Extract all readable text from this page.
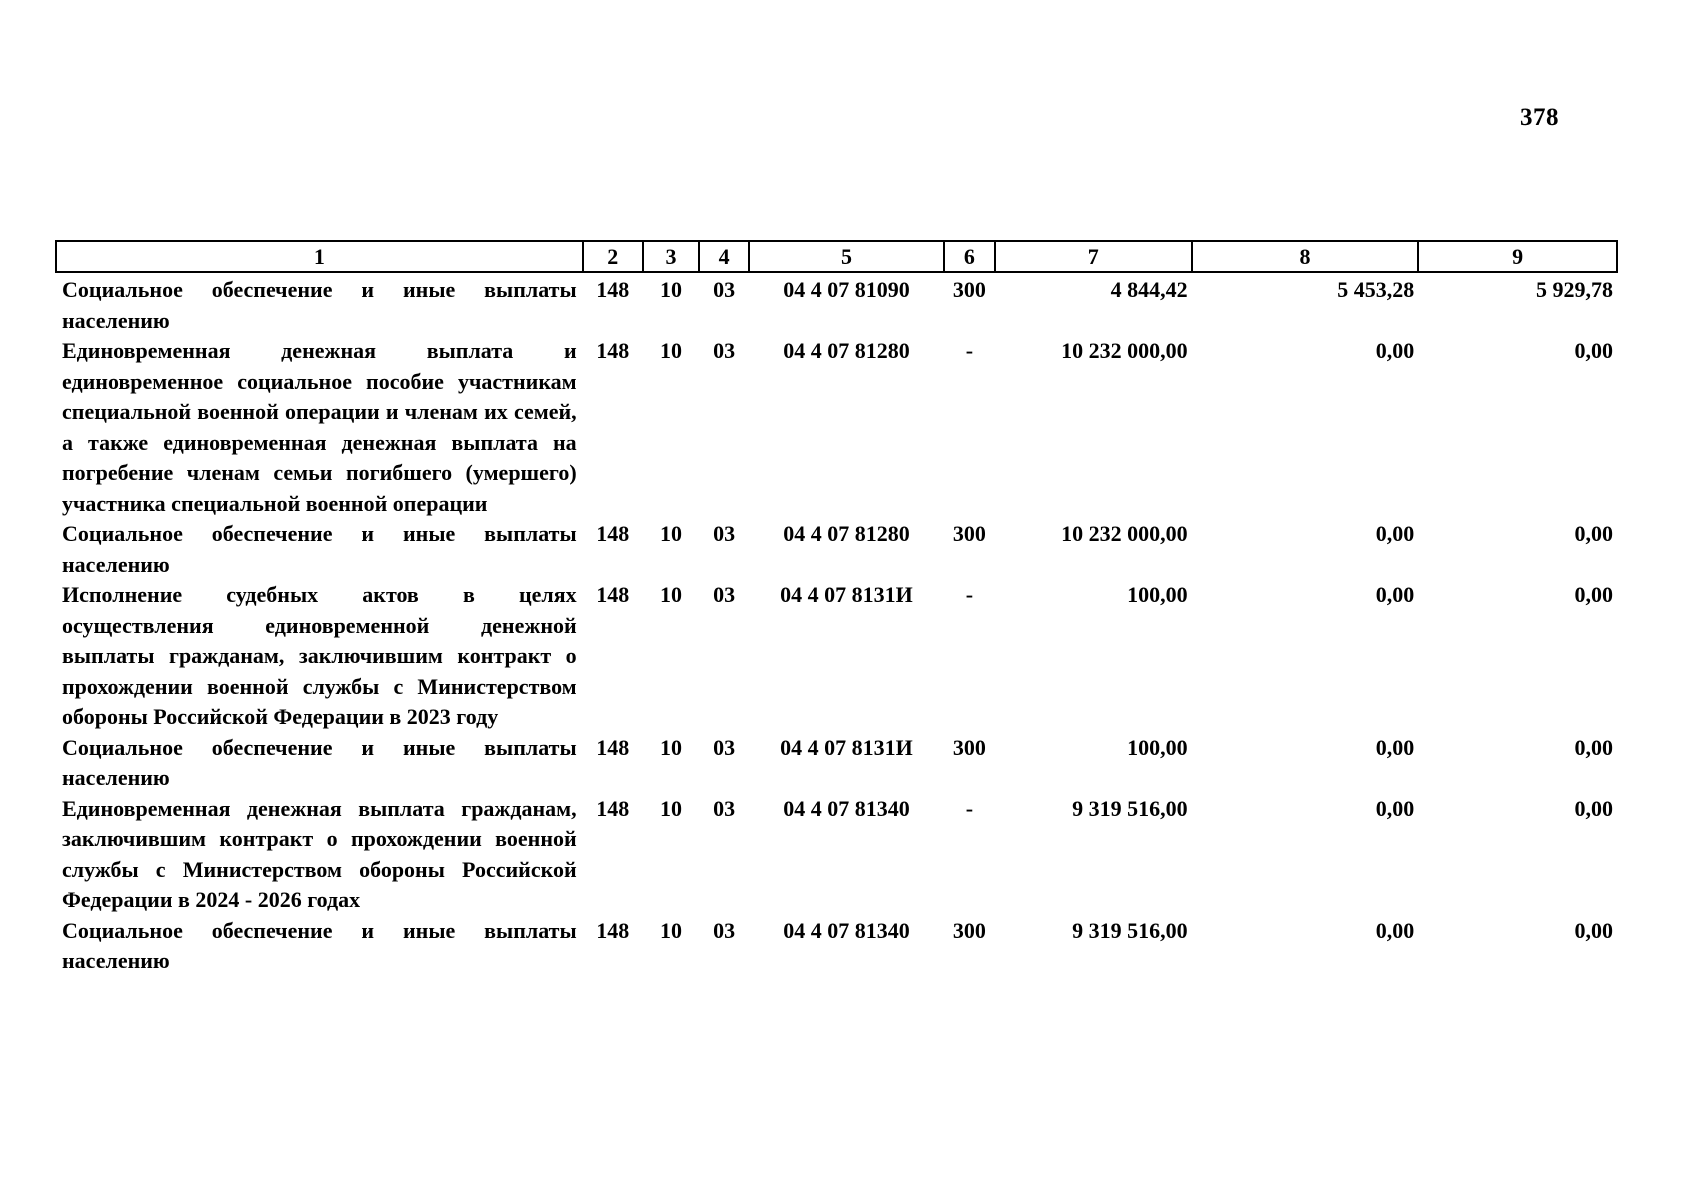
378
1	2	3	4	5	6	7	8	9
Социальное обеспечение и иные выплаты населению	148	10	03	04 4 07 81090	300	4 844,42	5 453,28	5 929,78
Единовременная денежная выплата и единовременное социальное пособие участникам специальной военной операции и членам их семей, а также единовременная денежная выплата на погребение членам семьи погибшего (умершего) участника специальной военной операции	148	10	03	04 4 07 81280	-	10 232 000,00	0,00	0,00
Социальное обеспечение и иные выплаты населению	148	10	03	04 4 07 81280	300	10 232 000,00	0,00	0,00
Исполнение судебных актов в целях осуществления единовременной денежной выплаты гражданам, заключившим контракт о прохождении военной службы с Министерством обороны Российской Федерации в 2023 году	148	10	03	04 4 07 8131И	-	100,00	0,00	0,00
Социальное обеспечение и иные выплаты населению	148	10	03	04 4 07 8131И	300	100,00	0,00	0,00
Единовременная денежная выплата гражданам, заключившим контракт о прохождении военной службы с Министерством обороны Российской Федерации в 2024 - 2026 годах	148	10	03	04 4 07 81340	-	9 319 516,00	0,00	0,00
Социальное обеспечение и иные выплаты населению	148	10	03	04 4 07 81340	300	9 319 516,00	0,00	0,00
